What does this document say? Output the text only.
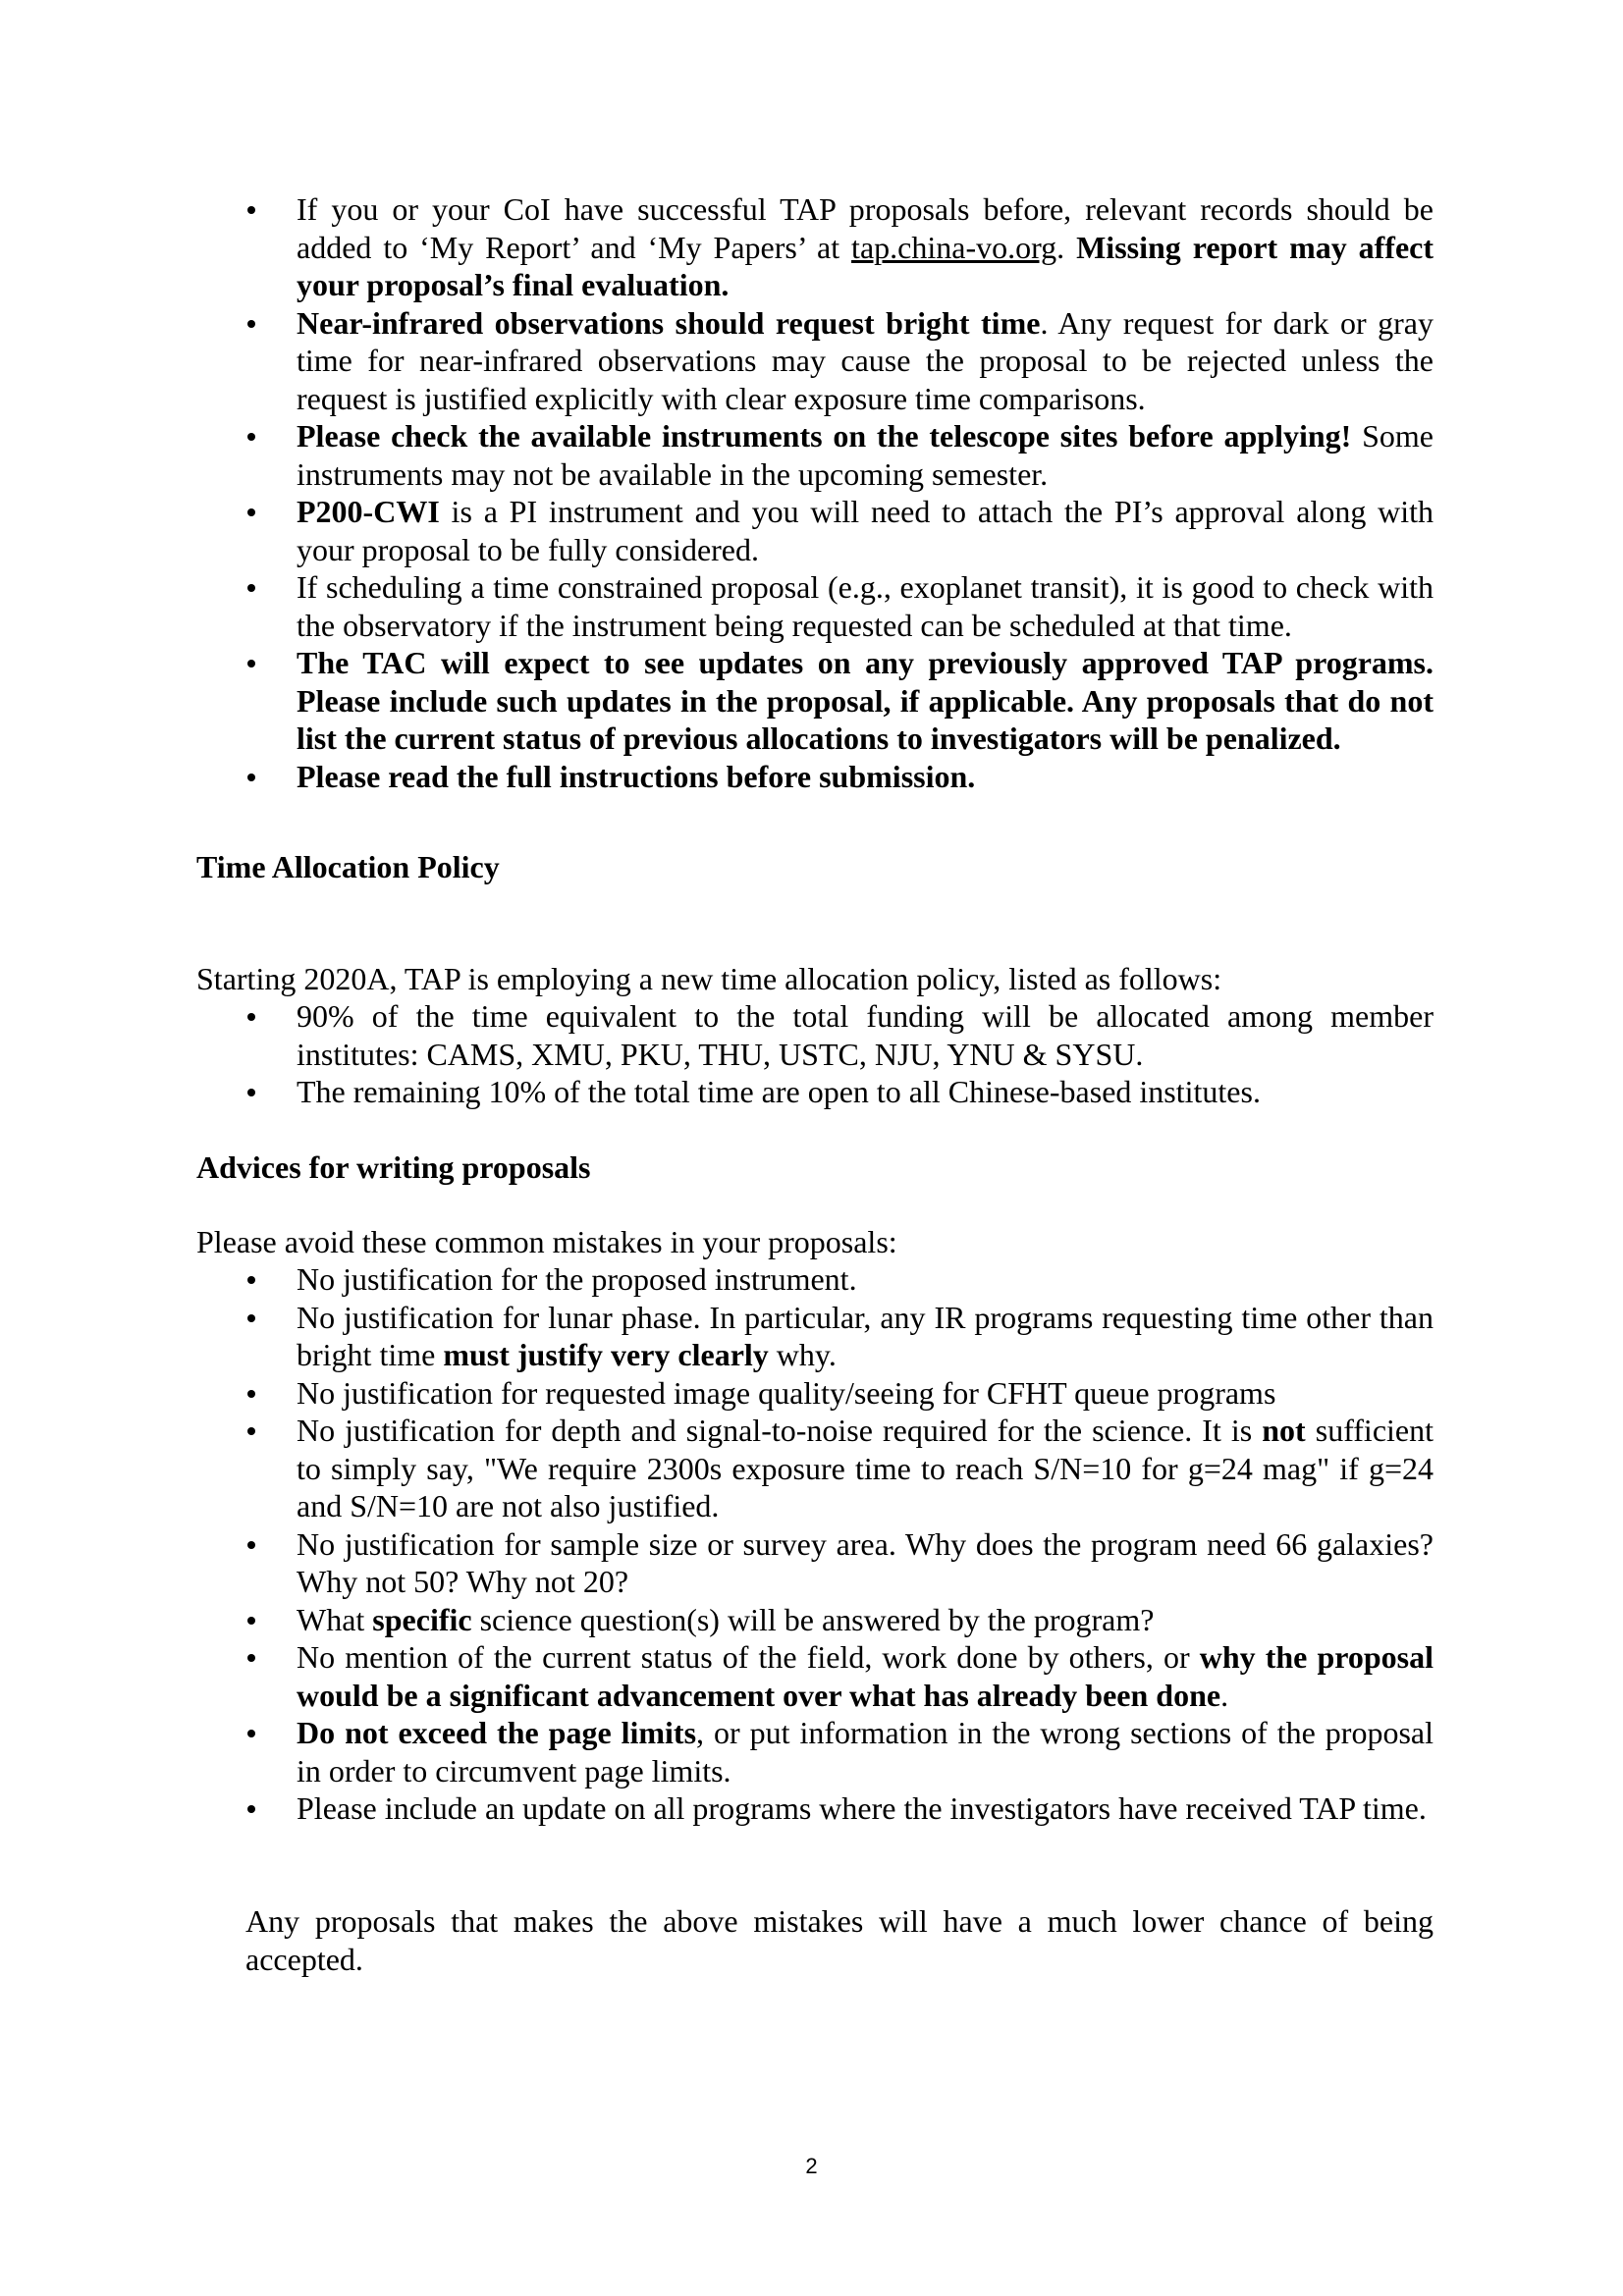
If you or your CoI have successful TAP proposals before, relevant records should be added to ‘My Report’ and ‘My Papers’ at tap.china-vo.org. Missing report may affect your proposal’s final evaluation.
Near-infrared observations should request bright time. Any request for dark or gray time for near-infrared observations may cause the proposal to be rejected unless the request is justified explicitly with clear exposure time comparisons.
Please check the available instruments on the telescope sites before applying! Some instruments may not be available in the upcoming semester.
P200-CWI is a PI instrument and you will need to attach the PI’s approval along with your proposal to be fully considered.
If scheduling a time constrained proposal (e.g., exoplanet transit), it is good to check with the observatory if the instrument being requested can be scheduled at that time.
The TAC will expect to see updates on any previously approved TAP programs. Please include such updates in the proposal, if applicable. Any proposals that do not list the current status of previous allocations to investigators will be penalized.
Please read the full instructions before submission.
Time Allocation Policy
Starting 2020A, TAP is employing a new time allocation policy, listed as follows:
90% of the time equivalent to the total funding will be allocated among member institutes: CAMS, XMU, PKU, THU, USTC, NJU, YNU & SYSU.
The remaining 10% of the total time are open to all Chinese-based institutes.
Advices for writing proposals
Please avoid these common mistakes in your proposals:
No justification for the proposed instrument.
No justification for lunar phase. In particular, any IR programs requesting time other than bright time must justify very clearly why.
No justification for requested image quality/seeing for CFHT queue programs
No justification for depth and signal-to-noise required for the science. It is not sufficient to simply say, "We require 2300s exposure time to reach S/N=10 for g=24 mag" if g=24 and S/N=10 are not also justified.
No justification for sample size or survey area. Why does the program need 66 galaxies? Why not 50? Why not 20?
What specific science question(s) will be answered by the program?
No mention of the current status of the field, work done by others, or why the proposal would be a significant advancement over what has already been done.
Do not exceed the page limits, or put information in the wrong sections of the proposal in order to circumvent page limits.
Please include an update on all programs where the investigators have received TAP time.
Any proposals that makes the above mistakes will have a much lower chance of being accepted.
2
